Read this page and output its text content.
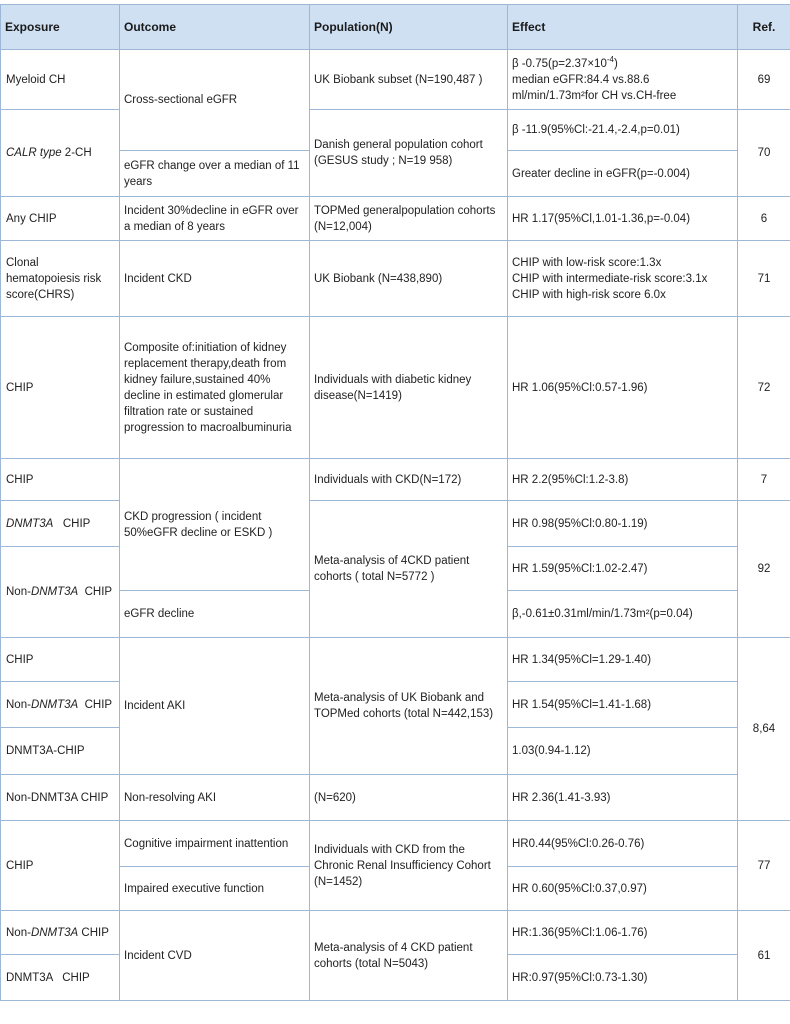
Exposure	Outcome	Population(N)	Effect	Ref.
Myeloid CH	Cross-sectional eGFR	UK Biobank subset (N=190,487 )	β $-0.75(p=2.37\times 10^{-4})$
median eGFR:84.4 vs.88.6
ml/min/1.73m²for CH vs.CH-free	69
CALR type 2-CH		Danish general population cohort (GESUS study ; N=19 958)	β -11.9(95%Cl:-21.4,-2.4,p=0.01)	70
	eGFR change over a median of 11 years		Greater decline in eGFR(p=-0.004)	
Any CHIP	Incident 30%decline in eGFR over a median of 8 years	TOPMed generalpopulation cohorts (N=12,004)	HR 1.17(95%Cl,1.01-1.36,p=-0.04)	6
Clonal hematopoiesis risk score(CHRS)	Incident CKD	UK Biobank (N=438,890)	CHIP with low-risk score:1.3x
CHIP with intermediate-risk score:3.1x
CHIP with high-risk score 6.0x	71
CHIP	Composite of:initiation of kidney replacement therapy,death from kidney failure,sustained 40% decline in estimated glomerular filtration rate or sustained progression to macroalbuminuria	Individuals with diabetic kidney disease(N=1419)	HR 1.06(95%Cl:0.57-1.96)	72
CHIP	CKD progression ( incident 50%eGFR decline or ESKD )	Individuals with CKD(N=172)	HR 2.2(95%Cl:1.2-3.8)	7
DNMT3A   CHIP		Meta-analysis of 4CKD patient cohorts ( total N=5772 )	HR 0.98(95%Cl:0.80-1.19)	92
Non-DNMT3A  CHIP			HR 1.59(95%Cl:1.02-2.47)	
	eGFR decline		β,-0.61±0.31ml/min/1.73m²(p=0.04)	
CHIP	Incident AKI	Meta-analysis of UK Biobank and TOPMed cohorts (total N=442,153)	HR 1.34(95%Cl=1.29-1.40)	8,64
Non-DNMT3A  CHIP			HR 1.54(95%Cl=1.41-1.68)	
DNMT3A-CHIP			1.03(0.94-1.12)	
Non-DNMT3A CHIP	Non-resolving AKI	(N=620)	HR 2.36(1.41-3.93)	
CHIP	Cognitive impairment inattention	Individuals with CKD from the Chronic Renal Insufficiency Cohort (N=1452)	HR0.44(95%Cl:0.26-0.76)	77
	Impaired executive function		HR 0.60(95%Cl:0.37,0.97)	
Non-DNMT3A CHIP	Incident CVD	Meta-analysis of 4 CKD patient cohorts (total N=5043)	HR:1.36(95%Cl:1.06-1.76)	61
DNMT3A   CHIP			HR:0.97(95%Cl:0.73-1.30)	
